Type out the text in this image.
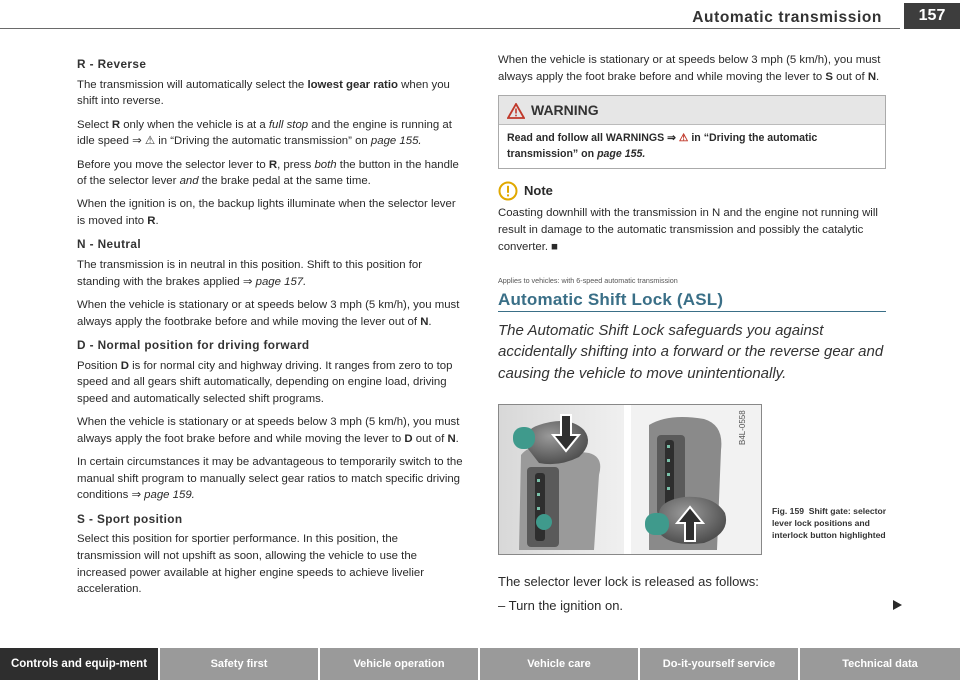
Automatic transmission	157
R - Reverse

The transmission will automatically select the lowest gear ratio when you shift into reverse.

Select R only when the vehicle is at a full stop and the engine is running at idle speed ⇒ ⚠ in “Driving the automatic transmission” on page 155.

Before you move the selector lever to R, press both the button in the handle of the selector lever and the brake pedal at the same time.

When the ignition is on, the backup lights illuminate when the selector lever is moved into R.

N - Neutral

The transmission is in neutral in this position. Shift to this position for standing with the brakes applied ⇒ page 157.

When the vehicle is stationary or at speeds below 3 mph (5 km/h), you must always apply the footbrake before and while moving the lever out of N.

D - Normal position for driving forward

Position D is for normal city and highway driving. It ranges from zero to top speed and all gears shift automatically, depending on engine load, driving speed and automatically selected shift programs.

When the vehicle is stationary or at speeds below 3 mph (5 km/h), you must always apply the foot brake before and while moving the lever to D out of N.

In certain circumstances it may be advantageous to temporarily switch to the manual shift program to manually select gear ratios to match specific driving conditions ⇒ page 159.

S - Sport position

Select this position for sportier performance. In this position, the transmission will not upshift as soon, allowing the vehicle to use the increased power available at higher engine speeds to achieve livelier acceleration.

When the vehicle is stationary or at speeds below 3 mph (5 km/h), you must always apply the foot brake before and while moving the lever to S out of N.

WARNING
Read and follow all WARNINGS ⇒ ⚠ in “Driving the automatic transmission” on page 155.
Note

Coasting downhill with the transmission in N and the engine not running will result in damage to the automatic transmission and possibly the catalytic converter. ■

Applies to vehicles: with 6-speed automatic transmission
Automatic Shift Lock (ASL)

The Automatic Shift Lock safeguards you against accidentally shifting into a forward or the reverse gear and causing the vehicle to move unintentionally.

B4L-0558
Fig. 159 Shift gate: selector lever lock positions and interlock button highlighted
The selector lever lock is released as follows:
– Turn the ignition on.
Controls and equip-ment	Safety first	Vehicle operation	Vehicle care	Do-it-yourself service	Technical data
